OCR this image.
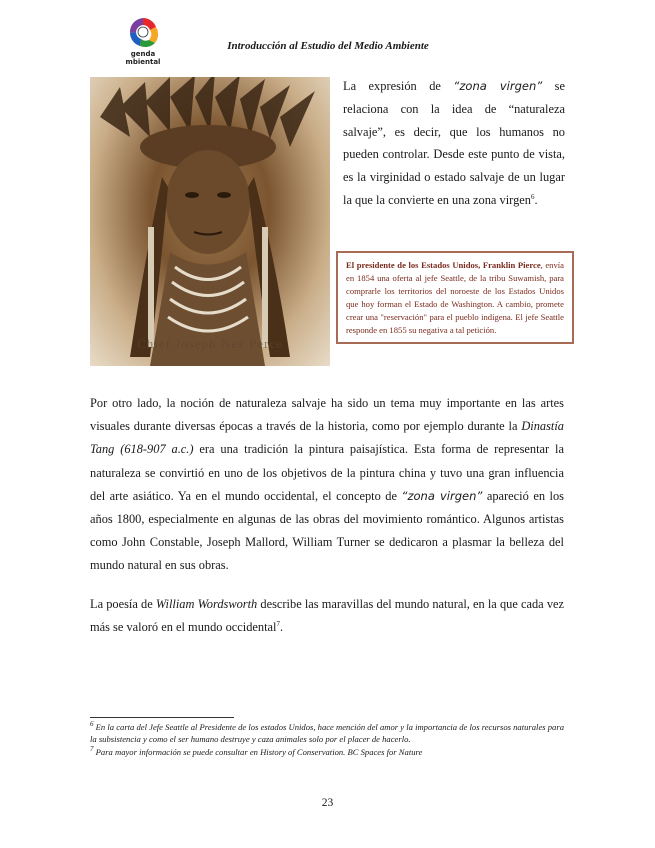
genda
mbiental
Introducción al Estudio del Medio Ambiente
Chief Joseph Nez Perce
La expresión de “zona virgen” se relaciona con la idea de “naturaleza salvaje”, es decir, que los humanos no pueden controlar. Desde este punto de vista, es la virginidad o estado salvaje de un lugar la que la convierte en una zona virgen$^6$.
El presidente de los Estados Unidos, Franklin Pierce, envía en 1854 una oferta al jefe Seattle, de la tribu Suwamish, para comprarle los territorios del noroeste de los Estados Unidos que hoy forman el Estado de Washington. A cambio, promete crear una "reservación" para el pueblo indígena. El jefe Seattle responde en 1855 su negativa a tal petición.
Por otro lado, la noción de naturaleza salvaje ha sido un tema muy importante en las artes visuales durante diversas épocas a través de la historia, como por ejemplo durante la Dinastía Tang (618-907 a.c.) era una tradición la pintura paisajística. Esta forma de representar la naturaleza se convirtió en uno de los objetivos de la pintura china y tuvo una gran influencia del arte asiático. Ya en el mundo occidental, el concepto de “zona virgen” apareció en los años 1800, especialmente en algunas de las obras del movimiento romántico. Algunos artistas como John Constable, Joseph Mallord, William Turner se dedicaron a plasmar la belleza del mundo natural en sus obras.
La poesía de William Wordsworth describe las maravillas del mundo natural, en la que cada vez más se valoró en el mundo occidental$^7$.

$^6$ En la carta del Jefe Seattle al Presidente de los estados Unidos, hace mención del amor y la importancia de los recursos naturales para la subsistencia y como el ser humano destruye y caza animales solo por el placer de hacerlo.

$^7$ Para mayor información se puede consultar en History of Conservation. BC Spaces for Nature

23
